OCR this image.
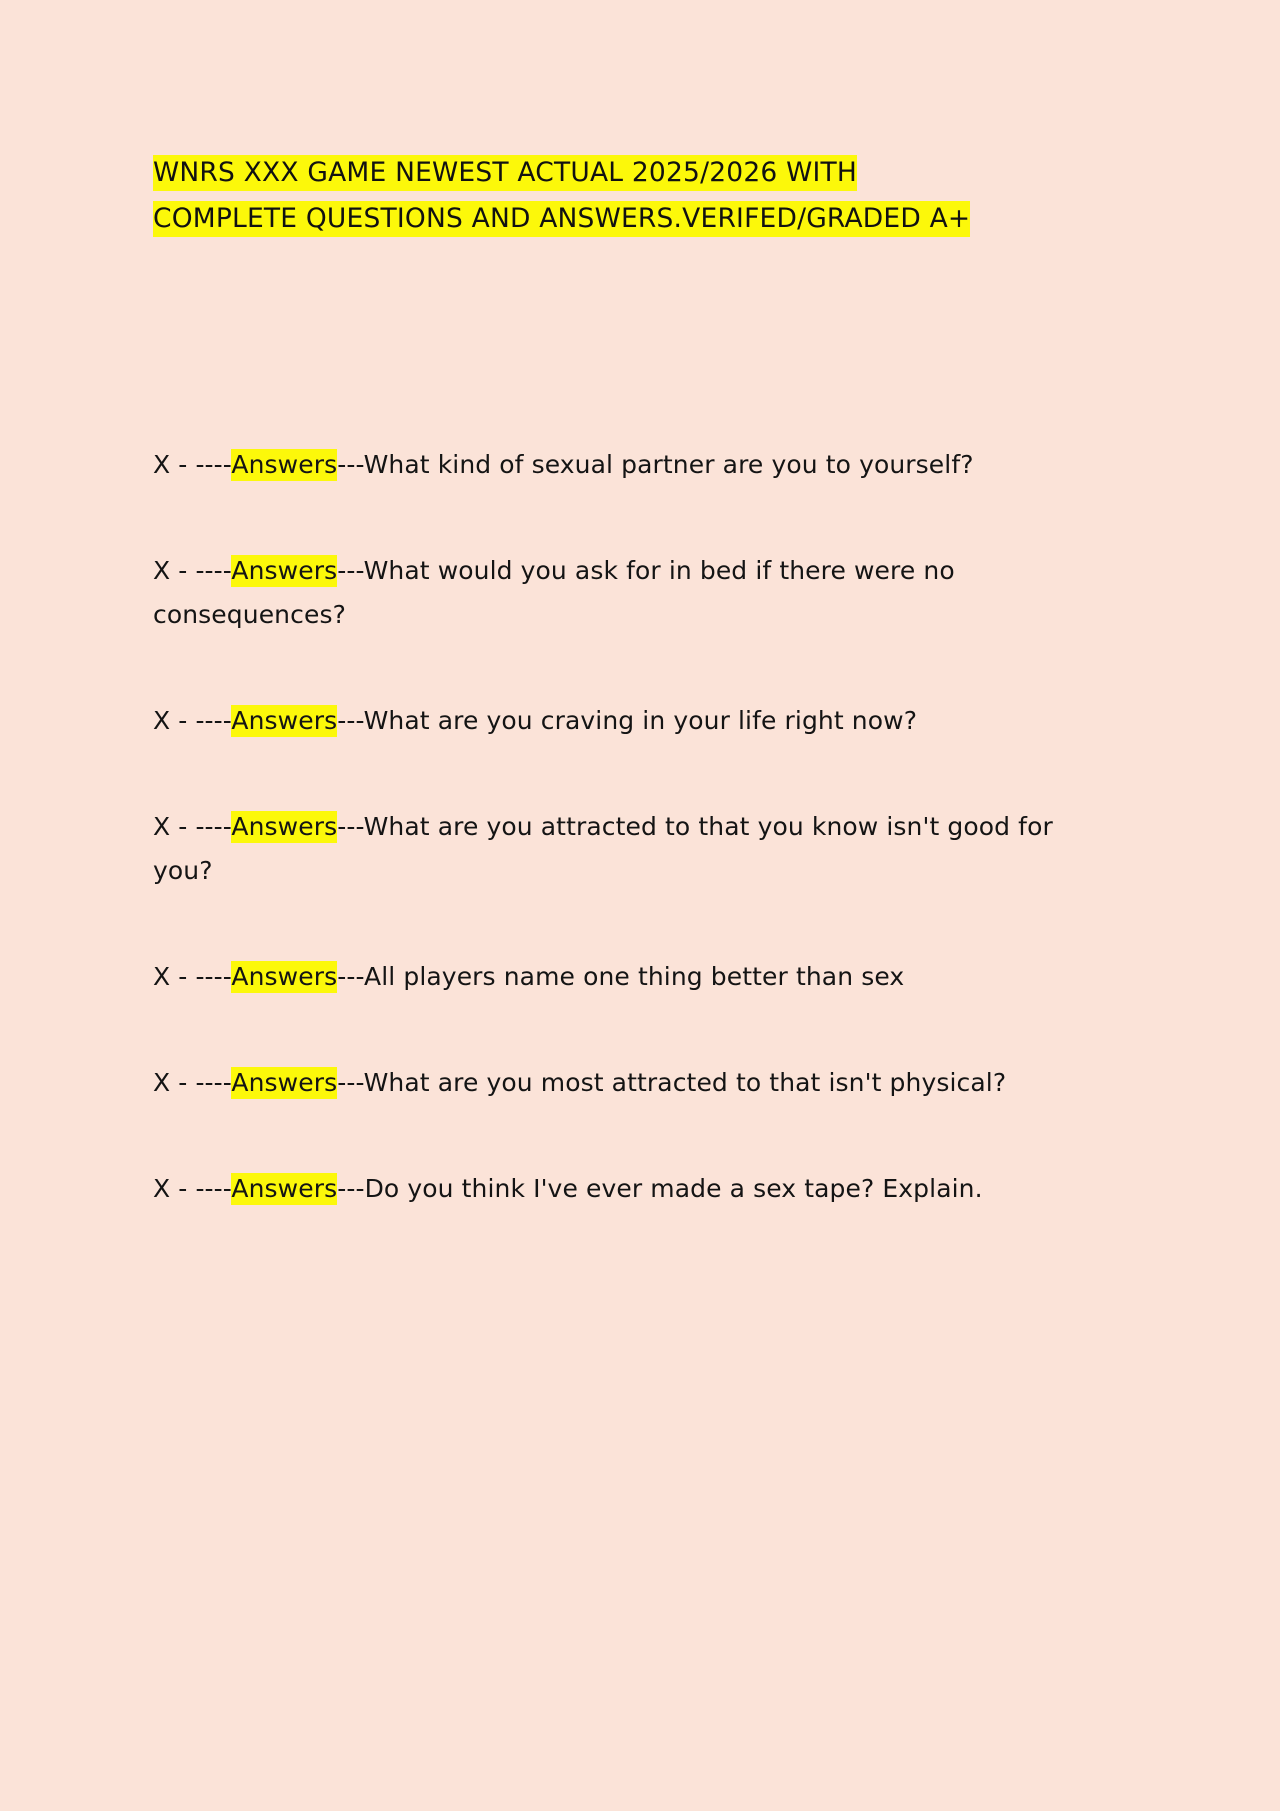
WNRS XXX GAME NEWEST ACTUAL 2025/2026 WITH
COMPLETE QUESTIONS AND ANSWERS.VERIFED/GRADED A+
X - ----Answers---What kind of sexual partner are you to yourself?
X - ----Answers---What would you ask for in bed if there were no consequences?
X - ----Answers---What are you craving in your life right now?
X - ----Answers---What are you attracted to that you know isn't good for you?
X - ----Answers---All players name one thing better than sex
X - ----Answers---What are you most attracted to that isn't physical?
X - ----Answers---Do you think I've ever made a sex tape? Explain.
